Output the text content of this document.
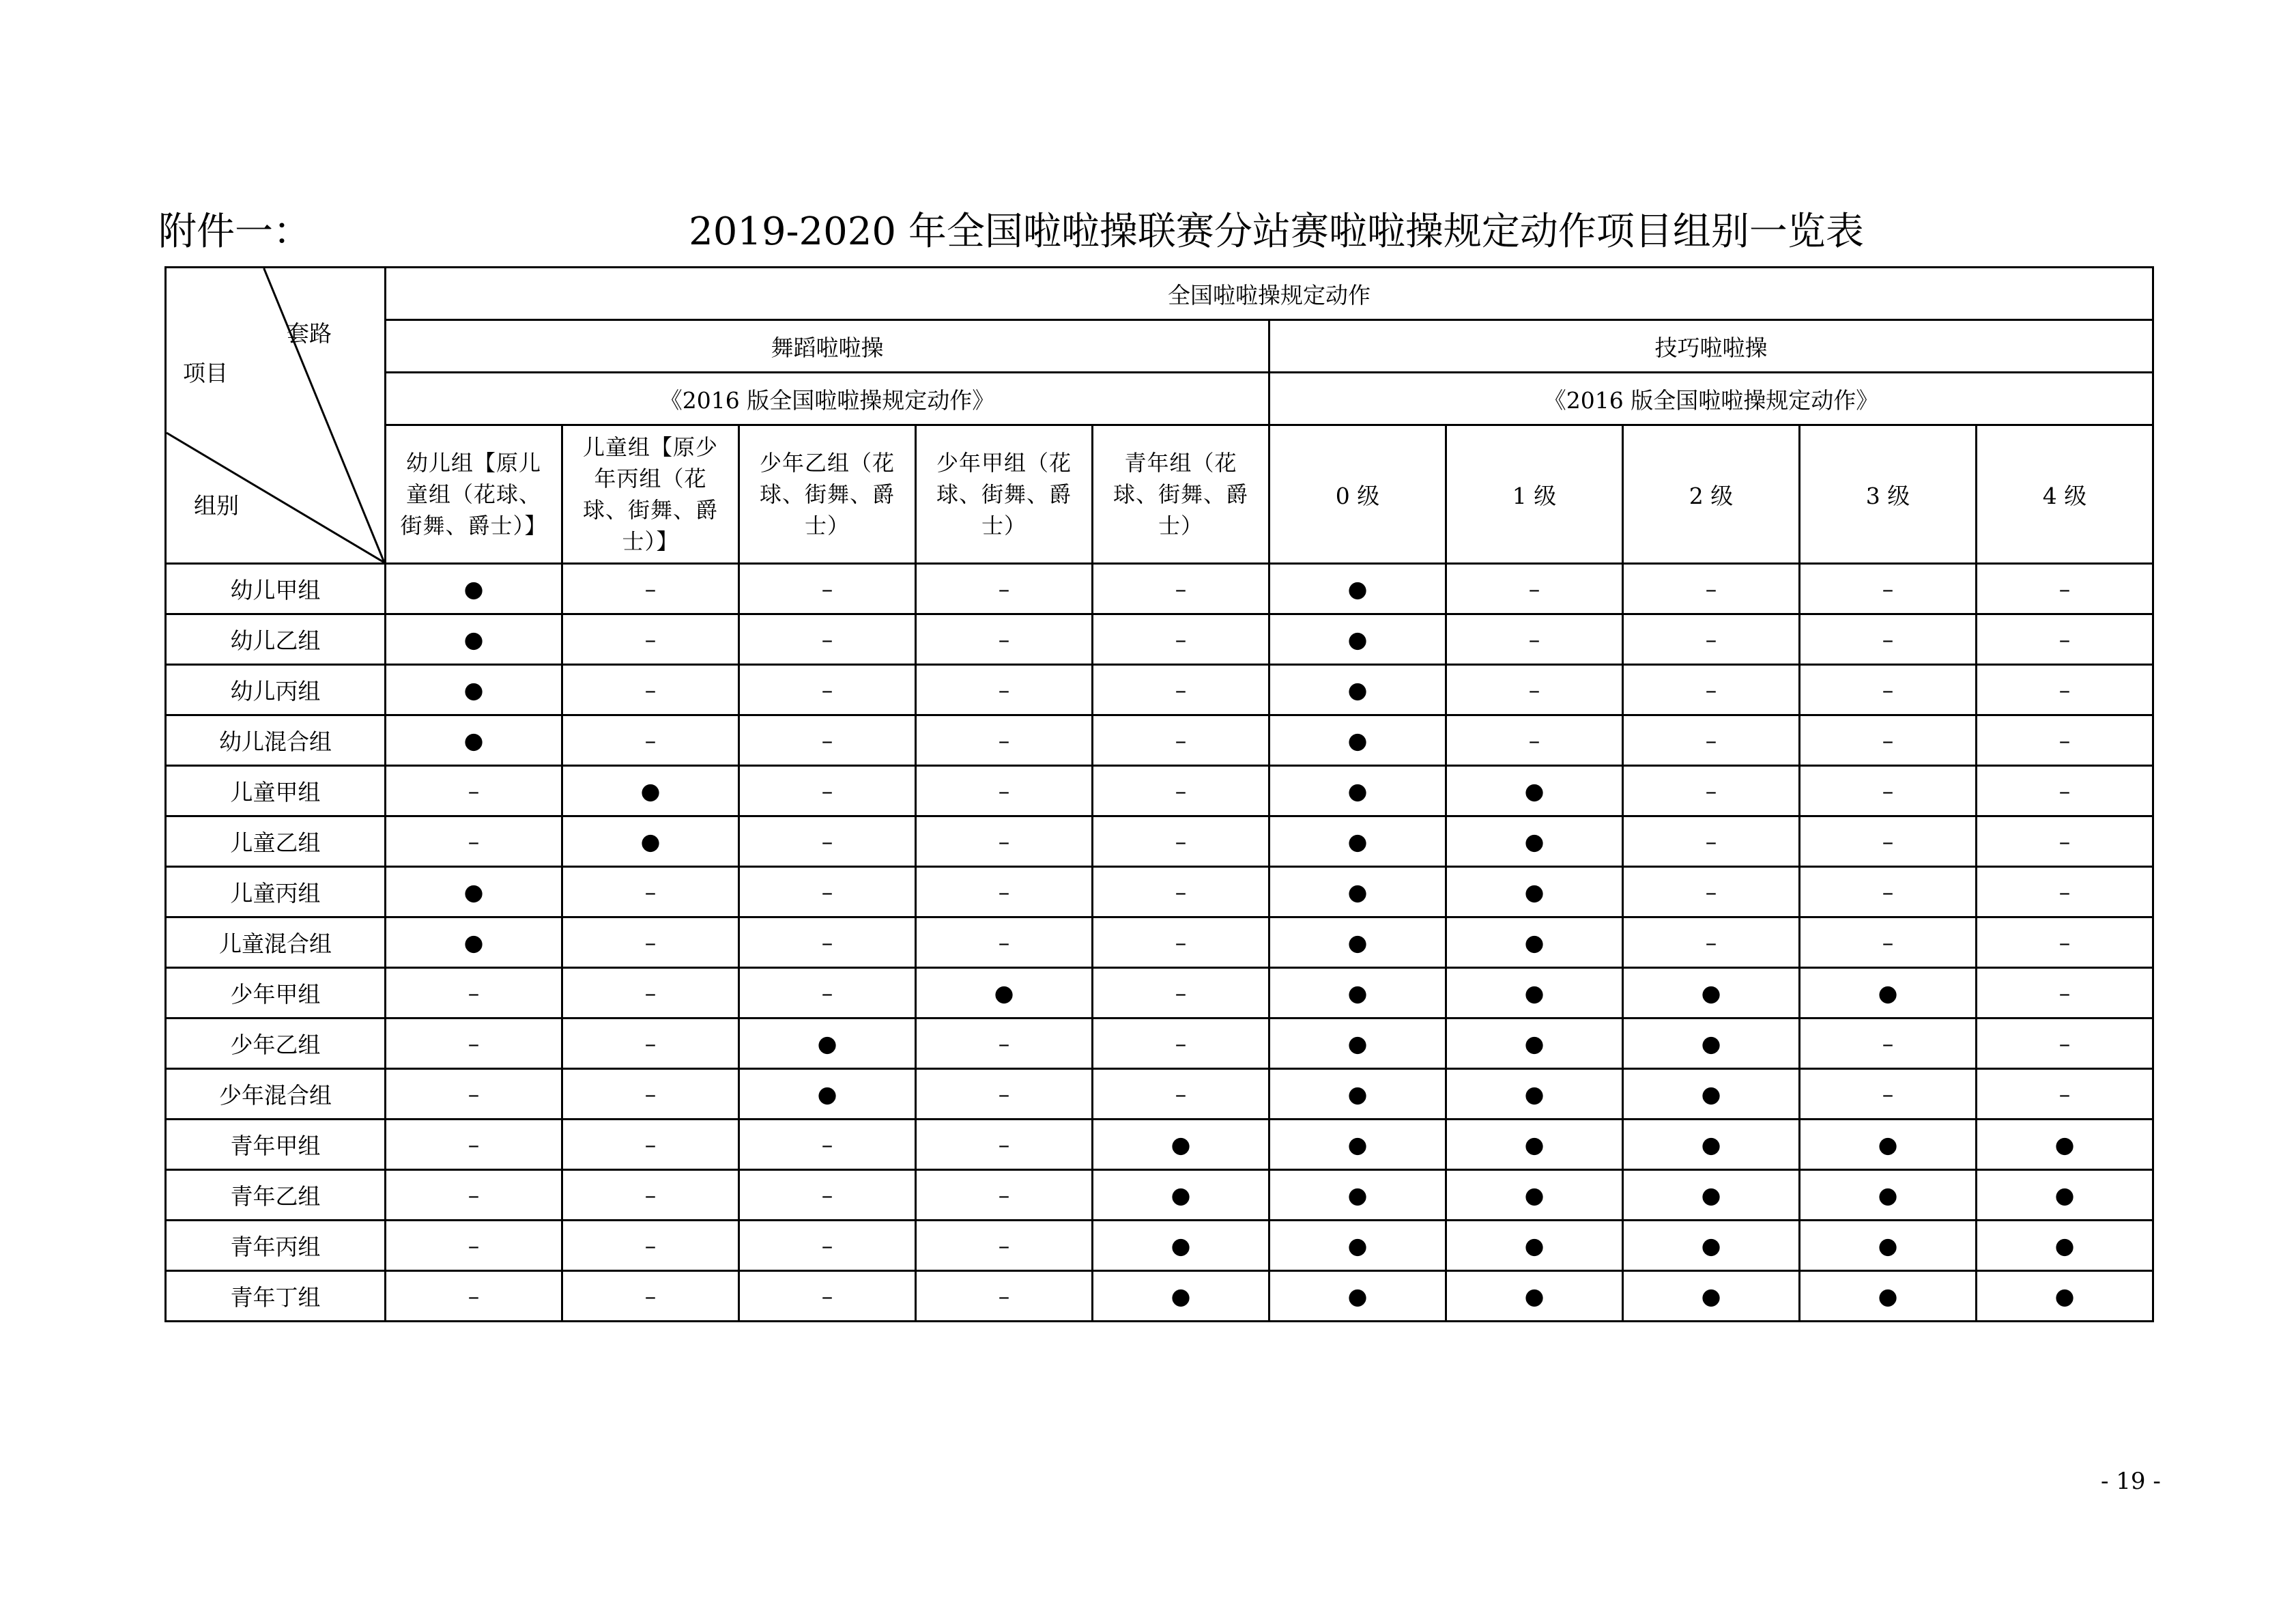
附件一：	2019-2020 年全国啦啦操联赛分站赛啦啦操规定动作项目组别一览表
套路
项目
组别	全国啦啦操规定动作									
	舞蹈啦啦操					技巧啦啦操				
	《2016 版全国啦啦操规定动作》					《2016 版全国啦啦操规定动作》				

	幼儿组【原儿童组（花球、街舞、爵士）】	儿童组【原少年丙组（花球、街舞、爵士）】	少年乙组（花球、街舞、爵士）	少年甲组（花球、街舞、爵士）	青年组（花球、街舞、爵士）	0 级	1 级	2 级	3 级	4 级
幼儿甲组	●	–	–	–	–	●	–	–	–	–
幼儿乙组	●	–	–	–	–	●	–	–	–	–
幼儿丙组	●	–	–	–	–	●	–	–	–	–
幼儿混合组	●	–	–	–	–	●	–	–	–	–
儿童甲组	–	●	–	–	–	●	●	–	–	–
儿童乙组	–	●	–	–	–	●	●	–	–	–
儿童丙组	●	–	–	–	–	●	●	–	–	–
儿童混合组	●	–	–	–	–	●	●	–	–	–
少年甲组	–	–	–	●	–	●	●	●	●	–
少年乙组	–	–	●	–	–	●	●	●	–	–
少年混合组	–	–	●	–	–	●	●	●	–	–
青年甲组	–	–	–	–	●	●	●	●	●	●
青年乙组	–	–	–	–	●	●	●	●	●	●
青年丙组	–	–	–	–	●	●	●	●	●	●
青年丁组	–	–	–	–	●	●	●	●	●	●
- 19 -
